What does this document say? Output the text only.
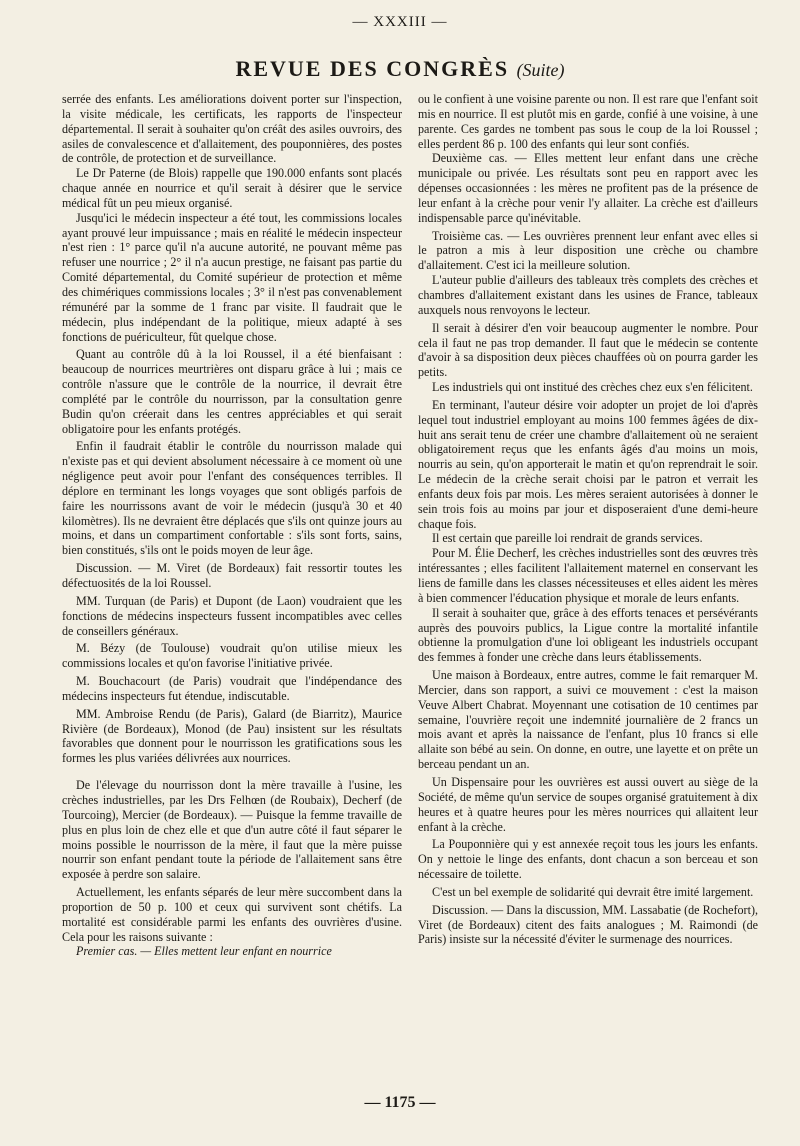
— XXXIII —
REVUE DES CONGRÈS (Suite)

serrée des enfants. Les améliorations doivent porter sur l'inspection, la visite médicale, les certificats, les rapports de l'inspecteur départemental. Il serait à souhaiter qu'on créât des asiles ouvroirs, des asiles de convalescence et d'allaitement, des pouponnières, des postes de contrôle, de protection et de surveillance.

Le Dr Paterne (de Blois) rappelle que 190.000 enfants sont placés chaque année en nourrice et qu'il serait à désirer que le service médical fût un peu mieux organisé.

Jusqu'ici le médecin inspecteur a été tout, les commissions locales ayant prouvé leur impuissance ; mais en réalité le médecin inspecteur n'est rien : 1° parce qu'il n'a aucune autorité, ne pouvant même pas refuser une nourrice ; 2° il n'a aucun prestige, ne faisant pas partie du Comité départemental, du Comité supérieur de protection et même des chimériques commissions locales ; 3° il n'est pas convenablement rémunéré par la somme de 1 franc par visite. Il faudrait que le médecin, plus indépendant de la politique, mieux adapté à ses fonctions de puériculteur, fût quelque chose.

Quant au contrôle dû à la loi Roussel, il a été bienfaisant : beaucoup de nourrices meurtrières ont disparu grâce à lui ; mais ce contrôle n'assure que le contrôle de la nourrice, il devrait être complété par le contrôle du nourrisson, par la consultation genre Budin qu'on créerait dans les centres appréciables et qui serait obligatoire pour les enfants protégés.

Enfin il faudrait établir le contrôle du nourrisson malade qui n'existe pas et qui devient absolument nécessaire à ce moment où une négligence peut avoir pour l'enfant des conséquences terribles. Il déplore en terminant les longs voyages que sont obligés parfois de faire les nourrissons avant de voir le médecin (jusqu'à 30 et 40 kilomètres). Ils ne devraient être déplacés que s'ils ont quinze jours au moins, et dans un compartiment confortable : s'ils sont forts, sains, bien constitués, s'ils ont le poids moyen de leur âge.

Discussion. — M. Viret (de Bordeaux) fait ressortir toutes les défectuosités de la loi Roussel.

MM. Turquan (de Paris) et Dupont (de Laon) voudraient que les fonctions de médecins inspecteurs fussent incompatibles avec celles de conseillers généraux.

M. Bézy (de Toulouse) voudrait qu'on utilise mieux les commissions locales et qu'on favorise l'initiative privée.

M. Bouchacourt (de Paris) voudrait que l'indépendance des médecins inspecteurs fut étendue, indiscutable.

MM. Ambroise Rendu (de Paris), Galard (de Biarritz), Maurice Rivière (de Bordeaux), Monod (de Pau) insistent sur les résultats favorables que donnent pour le nourrisson les gratifications sous les formes les plus variées délivrées aux nourrices.

De l'élevage du nourrisson dont la mère travaille à l'usine, les crèches industrielles, par les Drs Felhœn (de Roubaix), Decherf (de Tourcoing), Mercier (de Bordeaux). — Puisque la femme travaille de plus en plus loin de chez elle et que d'un autre côté il faut séparer le moins possible le nourrisson de la mère, il faut que la mère puisse nourrir son enfant pendant toute la période de l'allaitement sans être exposée à perdre son salaire.

Actuellement, les enfants séparés de leur mère succombent dans la proportion de 50 p. 100 et ceux qui survivent sont chétifs. La mortalité est considérable parmi les enfants des ouvrières d'usine. Cela pour les raisons suivante :

Premier cas. — Elles mettent leur enfant en nourrice

ou le confient à une voisine parente ou non. Il est rare que l'enfant soit mis en nourrice. Il est plutôt mis en garde, confié à une voisine, à une parente. Ces gardes ne tombent pas sous le coup de la loi Roussel ; elles perdent 86 p. 100 des enfants qui leur sont confiés.

Deuxième cas. — Elles mettent leur enfant dans une crèche municipale ou privée. Les résultats sont peu en rapport avec les dépenses occasionnées : les mères ne profitent pas de la présence de leur enfant à la crèche pour venir l'y allaiter. La crèche est d'ailleurs indispensable parce qu'inévitable.

Troisième cas. — Les ouvrières prennent leur enfant avec elles si le patron a mis à leur disposition une crèche ou chambre d'allaitement. C'est ici la meilleure solution.

L'auteur publie d'ailleurs des tableaux très complets des crèches et chambres d'allaitement existant dans les usines de France, tableaux auxquels nous renvoyons le lecteur.

Il serait à désirer d'en voir beaucoup augmenter le nombre. Pour cela il faut ne pas trop demander. Il faut que le médecin se contente d'avoir à sa disposition deux pièces chauffées où on pourra garder les petits.

Les industriels qui ont institué des crèches chez eux s'en félicitent.

En terminant, l'auteur désire voir adopter un projet de loi d'après lequel tout industriel employant au moins 100 femmes âgées de dix-huit ans serait tenu de créer une chambre d'allaitement où ne seraient obligatoirement reçus que les enfants âgés d'au moins un mois, nourris au sein, qu'on apporterait le matin et qu'on reprendrait le soir. Le médecin de la crèche serait choisi par le patron et verrait les enfants deux fois par mois. Les mères seraient autorisées à donner le sein trois fois au moins par jour et disposeraient d'une demi-heure chaque fois.

Il est certain que pareille loi rendrait de grands services.

Pour M. Élie Decherf, les crèches industrielles sont des œuvres très intéressantes ; elles facilitent l'allaitement maternel en conservant les liens de famille dans les classes nécessiteuses et elles aident les mères à bien commencer l'éducation physique et morale de leurs enfants.

Il serait à souhaiter que, grâce à des efforts tenaces et persévérants auprès des pouvoirs publics, la Ligue contre la mortalité infantile obtienne la promulgation d'une loi obligeant les industriels occupant des femmes à fonder une crèche dans leurs établissements.

Une maison à Bordeaux, entre autres, comme le fait remarquer M. Mercier, dans son rapport, a suivi ce mouvement : c'est la maison Veuve Albert Chabrat. Moyennant une cotisation de 10 centimes par semaine, l'ouvrière reçoit une indemnité journalière de 2 francs un mois avant et après la naissance de l'enfant, plus 10 francs si elle allaite son bébé au sein. On donne, en outre, une layette et on prête un berceau pendant un an.

Un Dispensaire pour les ouvrières est aussi ouvert au siège de la Société, de même qu'un service de soupes organisé gratuitement à dix heures et à quatre heures pour les mères nourrices qui allaitent leur enfant à la crèche.

La Pouponnière qui y est annexée reçoit tous les jours les enfants. On y nettoie le linge des enfants, dont chacun a son berceau et son nécessaire de toilette.

C'est un bel exemple de solidarité qui devrait être imité largement.

Discussion. — Dans la discussion, MM. Lassabatie (de Rochefort), Viret (de Bordeaux) citent des faits analogues ; M. Raimondi (de Paris) insiste sur la nécessité d'éviter le surmenage des nourrices.

— 1175 —
